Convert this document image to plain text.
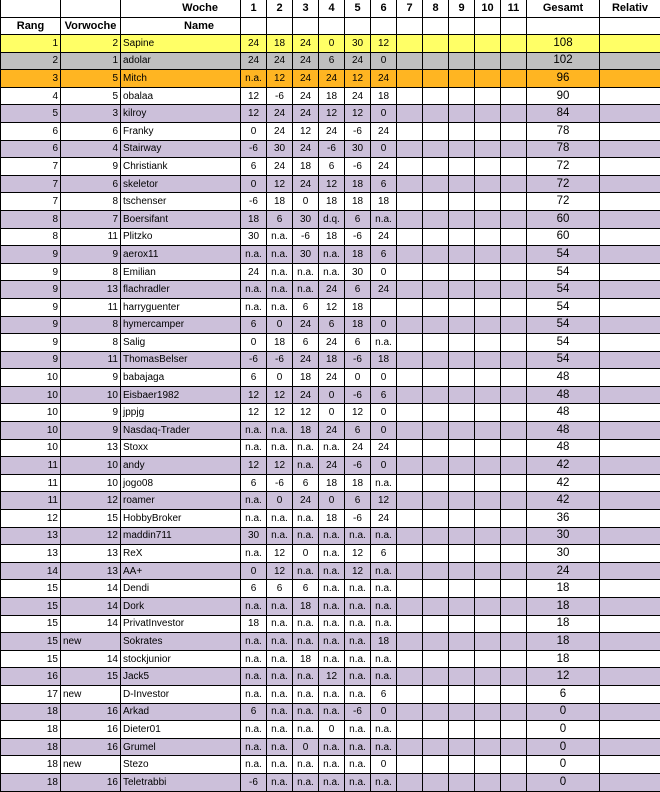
		Woche	1	2	3	4	5	6	7	8	9	10	11	Gesamt	Relativ
Rang	Vorwoche	Name													
1	2	Sapine	24	18	24	0	30	12						108	
2	1	adolar	24	24	24	6	24	0						102	
3	5	Mitch	n.a.	12	24	24	12	24						96	
4	5	obalaa	12	-6	24	18	24	18						90	
5	3	kilroy	12	24	24	12	12	0						84	
6	6	Franky	0	24	12	24	-6	24						78	
6	4	Stairway	-6	30	24	-6	30	0						78	
7	9	Christiank	6	24	18	6	-6	24						72	
7	6	skeletor	0	12	24	12	18	6						72	
7	8	tschenser	-6	18	0	18	18	18						72	
8	7	Boersifant	18	6	30	d.q.	6	n.a.						60	
8	11	Plitzko	30	n.a.	-6	18	-6	24						60	
9	9	aerox11	n.a.	n.a.	30	n.a.	18	6						54	
9	8	Emilian	24	n.a.	n.a.	n.a.	30	0						54	
9	13	flachradler	n.a.	n.a.	n.a.	24	6	24						54	
9	11	harryguenter	n.a.	n.a.	6	12	18							54	
9	8	hymercamper	6	0	24	6	18	0						54	
9	8	Salig	0	18	6	24	6	n.a.						54	
9	11	ThomasBelser	-6	-6	24	18	-6	18						54	
10	9	babajaga	6	0	18	24	0	0						48	
10	10	Eisbaer1982	12	12	24	0	-6	6						48	
10	9	jppjg	12	12	12	0	12	0						48	
10	9	Nasdaq-Trader	n.a.	n.a.	18	24	6	0						48	
10	13	Stoxx	n.a.	n.a.	n.a.	n.a.	24	24						48	
11	10	andy	12	12	n.a.	24	-6	0						42	
11	10	jogo08	6	-6	6	18	18	n.a.						42	
11	12	roamer	n.a.	0	24	0	6	12						42	
12	15	HobbyBroker	n.a.	n.a.	n.a.	18	-6	24						36	
13	12	maddin711	30	n.a.	n.a.	n.a.	n.a.	n.a.						30	
13	13	ReX	n.a.	12	0	n.a.	12	6						30	
14	13	AA+	0	12	n.a.	n.a.	12	n.a.						24	
15	14	Dendi	6	6	6	n.a.	n.a.	n.a.						18	
15	14	Dork	n.a.	n.a.	18	n.a.	n.a.	n.a.						18	
15	14	PrivatInvestor	18	n.a.	n.a.	n.a.	n.a.	n.a.						18	
15	new	Sokrates	n.a.	n.a.	n.a.	n.a.	n.a.	18						18	
15	14	stockjunior	n.a.	n.a.	18	n.a.	n.a.	n.a.						18	
16	15	Jack5	n.a.	n.a.	n.a.	12	n.a.	n.a.						12	
17	new	D-Investor	n.a.	n.a.	n.a.	n.a.	n.a.	6						6	
18	16	Arkad	6	n.a.	n.a.	n.a.	-6	0						0	
18	16	Dieter01	n.a.	n.a.	n.a.	0	n.a.	n.a.						0	
18	16	Grumel	n.a.	n.a.	0	n.a.	n.a.	n.a.						0	
18	new	Stezo	n.a.	n.a.	n.a.	n.a.	n.a.	0						0	
18	16	Teletrabbi	-6	n.a.	n.a.	n.a.	n.a.	n.a.						0	
